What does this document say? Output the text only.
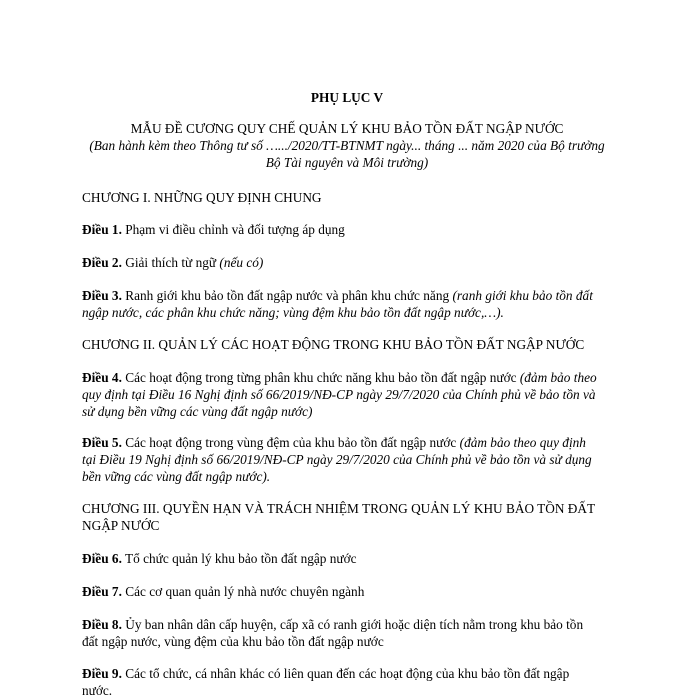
PHỤ LỤC V
MẪU ĐỀ CƯƠNG QUY CHẾ QUẢN LÝ KHU BẢO TỒN ĐẤT NGẬP NƯỚC
(Ban hành kèm theo Thông tư số ….../2020/TT-BTNMT ngày... tháng ... năm 2020 của Bộ trưởng
Bộ Tài nguyên và Môi trường)
CHƯƠNG I. NHỮNG QUY ĐỊNH CHUNG
Điều 1. Phạm vi điều chỉnh và đối tượng áp dụng
Điều 2. Giải thích từ ngữ (nếu có)
Điều 3. Ranh giới khu bảo tồn đất ngập nước và phân khu chức năng (ranh giới khu bảo tồn đất
ngập nước, các phân khu chức năng; vùng đệm khu bảo tồn đất ngập nước,…).
CHƯƠNG II. QUẢN LÝ CÁC HOẠT ĐỘNG TRONG KHU BẢO TỒN ĐẤT NGẬP NƯỚC
Điều 4. Các hoạt động trong từng phân khu chức năng khu bảo tồn đất ngập nước (đảm bảo theo
quy định tại Điều 16 Nghị định số 66/2019/NĐ-CP ngày 29/7/2020 của Chính phủ về bảo tồn và
sử dụng bền vững các vùng đất ngập nước)
Điều 5. Các hoạt động trong vùng đệm của khu bảo tồn đất ngập nước (đảm bảo theo quy định
tại Điều 19 Nghị định số 66/2019/NĐ-CP ngày 29/7/2020 của Chính phủ về bảo tồn và sử dụng
bền vững các vùng đất ngập nước).
CHƯƠNG III. QUYỀN HẠN VÀ TRÁCH NHIỆM TRONG QUẢN LÝ KHU BẢO TỒN ĐẤT
NGẬP NƯỚC
Điều 6. Tổ chức quản lý khu bảo tồn đất ngập nước
Điều 7. Các cơ quan quản lý nhà nước chuyên ngành
Điều 8. Ủy ban nhân dân cấp huyện, cấp xã có ranh giới hoặc diện tích nằm trong khu bảo tồn
đất ngập nước, vùng đệm của khu bảo tồn đất ngập nước
Điều 9. Các tổ chức, cá nhân khác có liên quan đến các hoạt động của khu bảo tồn đất ngập
nước.
